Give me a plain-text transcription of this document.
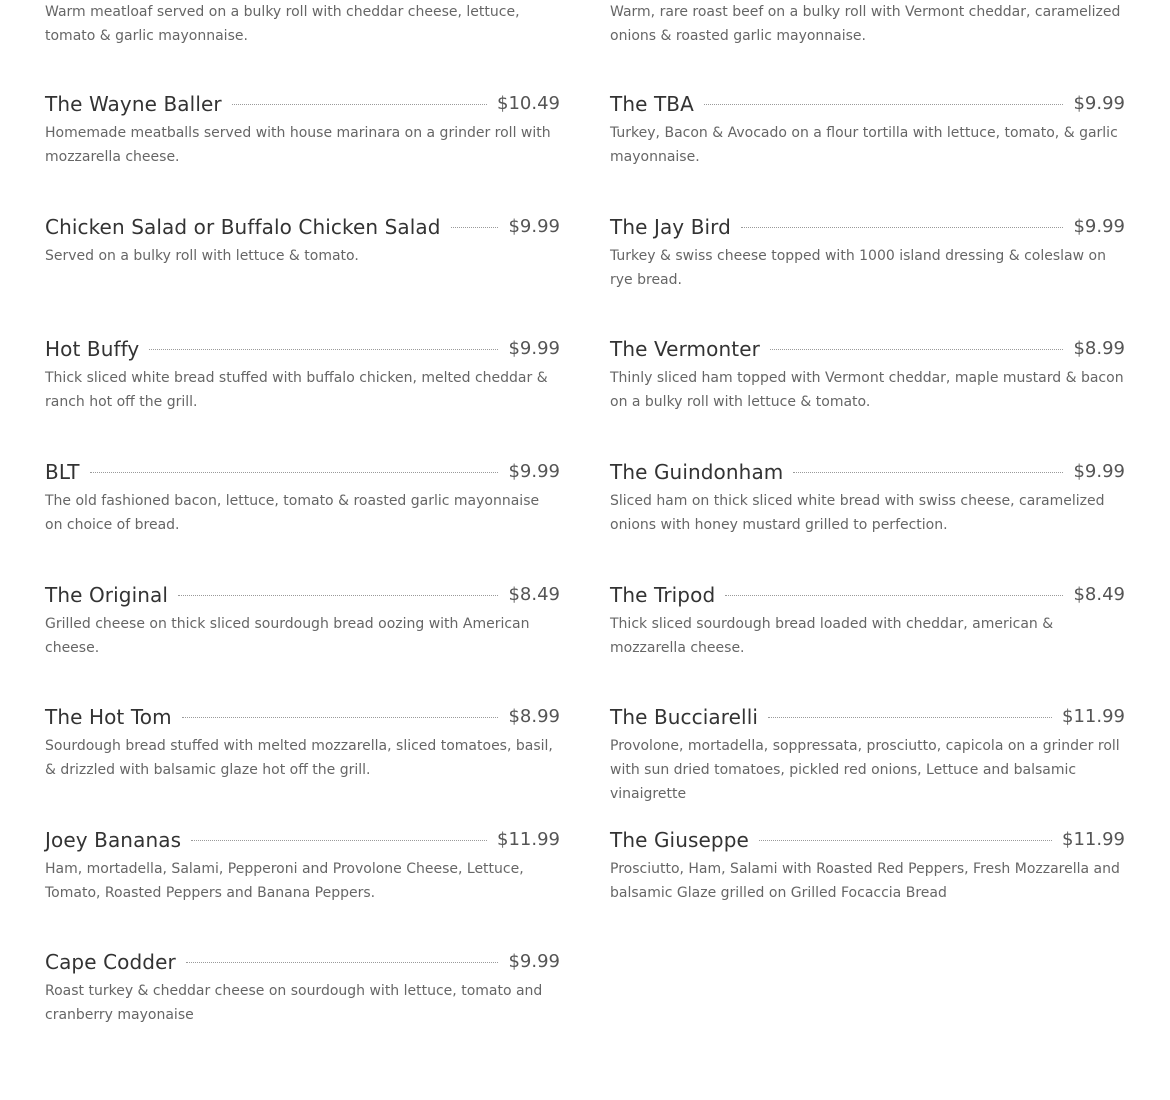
Warm meatloaf served on a bulky roll with cheddar cheese, lettuce, tomato & garlic mayonnaise.
The Wayne Baller	$10.49
Homemade meatballs served with house marinara on a grinder roll with mozzarella cheese.
Chicken Salad or Buffalo Chicken Salad	$9.99
Served on a bulky roll with lettuce & tomato.
Hot Buffy	$9.99
Thick sliced white bread stuffed with buffalo chicken, melted cheddar & ranch hot off the grill.
BLT	$9.99
The old fashioned bacon, lettuce, tomato & roasted garlic mayonnaise on choice of bread.
The Original	$8.49
Grilled cheese on thick sliced sourdough bread oozing with American cheese.
The Hot Tom	$8.99
Sourdough bread stuffed with melted mozzarella, sliced tomatoes, basil, & drizzled with balsamic glaze hot off the grill.
Joey Bananas	$11.99
Ham, mortadella, Salami, Pepperoni and Provolone Cheese, Lettuce, Tomato, Roasted Peppers and Banana Peppers.
Cape Codder	$9.99
Roast turkey & cheddar cheese on sourdough with lettuce, tomato and cranberry mayonaise
Warm, rare roast beef on a bulky roll with Vermont cheddar, caramelized onions & roasted garlic mayonnaise.
The TBA	$9.99
Turkey, Bacon & Avocado on a flour tortilla with lettuce, tomato, & garlic mayonnaise.
The Jay Bird	$9.99
Turkey & swiss cheese topped with 1000 island dressing & coleslaw on rye bread.
The Vermonter	$8.99
Thinly sliced ham topped with Vermont cheddar, maple mustard & bacon on a bulky roll with lettuce & tomato.
The Guindonham	$9.99
Sliced ham on thick sliced white bread with swiss cheese, caramelized onions with honey mustard grilled to perfection.
The Tripod	$8.49
Thick sliced sourdough bread loaded with cheddar, american & mozzarella cheese.
The Bucciarelli	$11.99
Provolone, mortadella, soppressata, prosciutto, capicola on a grinder roll with sun dried tomatoes, pickled red onions, Lettuce and balsamic vinaigrette
The Giuseppe	$11.99
Prosciutto, Ham, Salami with Roasted Red Peppers, Fresh Mozzarella and balsamic Glaze grilled on Grilled Focaccia Bread
